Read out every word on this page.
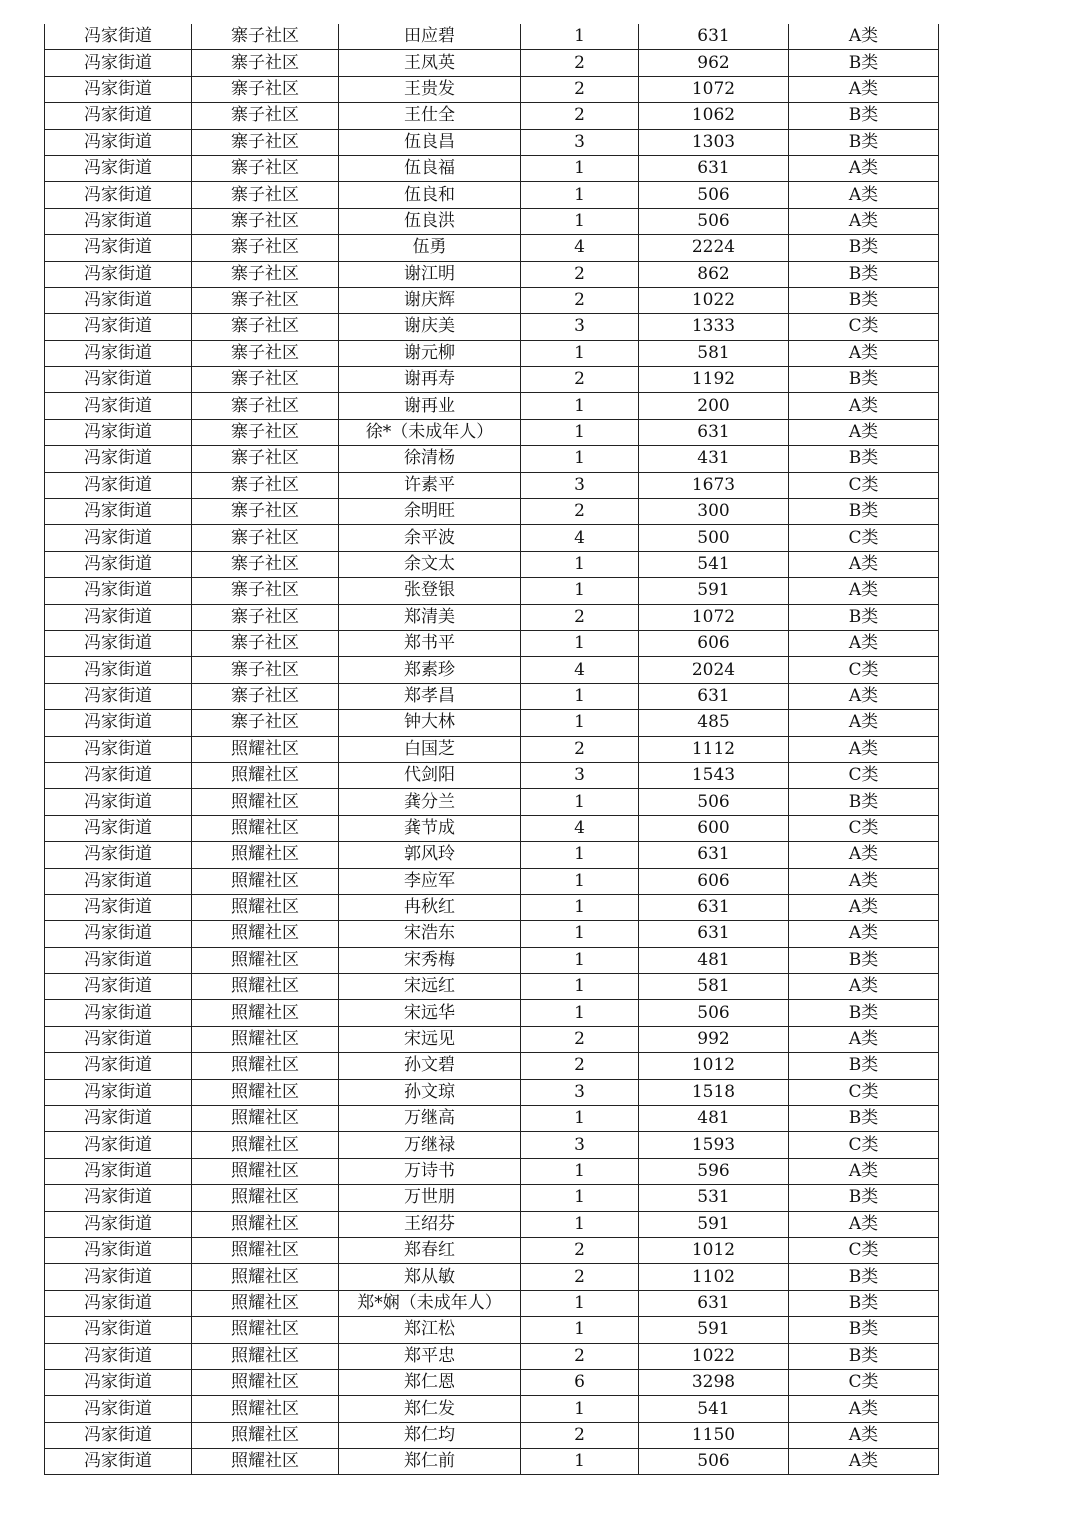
冯家街道	寨子社区	田应碧	1	631	A类
冯家街道	寨子社区	王凤英	2	962	B类
冯家街道	寨子社区	王贵发	2	1072	A类
冯家街道	寨子社区	王仕全	2	1062	B类
冯家街道	寨子社区	伍良昌	3	1303	B类
冯家街道	寨子社区	伍良福	1	631	A类
冯家街道	寨子社区	伍良和	1	506	A类
冯家街道	寨子社区	伍良洪	1	506	A类
冯家街道	寨子社区	伍勇	4	2224	B类
冯家街道	寨子社区	谢江明	2	862	B类
冯家街道	寨子社区	谢庆辉	2	1022	B类
冯家街道	寨子社区	谢庆美	3	1333	C类
冯家街道	寨子社区	谢元柳	1	581	A类
冯家街道	寨子社区	谢再寿	2	1192	B类
冯家街道	寨子社区	谢再业	1	200	A类
冯家街道	寨子社区	徐*（未成年人）	1	631	A类
冯家街道	寨子社区	徐清杨	1	431	B类
冯家街道	寨子社区	许素平	3	1673	C类
冯家街道	寨子社区	余明旺	2	300	B类
冯家街道	寨子社区	余平波	4	500	C类
冯家街道	寨子社区	余文太	1	541	A类
冯家街道	寨子社区	张登银	1	591	A类
冯家街道	寨子社区	郑清美	2	1072	B类
冯家街道	寨子社区	郑书平	1	606	A类
冯家街道	寨子社区	郑素珍	4	2024	C类
冯家街道	寨子社区	郑孝昌	1	631	A类
冯家街道	寨子社区	钟大林	1	485	A类
冯家街道	照耀社区	白国芝	2	1112	A类
冯家街道	照耀社区	代剑阳	3	1543	C类
冯家街道	照耀社区	龚分兰	1	506	B类
冯家街道	照耀社区	龚节成	4	600	C类
冯家街道	照耀社区	郭风玲	1	631	A类
冯家街道	照耀社区	李应军	1	606	A类
冯家街道	照耀社区	冉秋红	1	631	A类
冯家街道	照耀社区	宋浩东	1	631	A类
冯家街道	照耀社区	宋秀梅	1	481	B类
冯家街道	照耀社区	宋远红	1	581	A类
冯家街道	照耀社区	宋远华	1	506	B类
冯家街道	照耀社区	宋远见	2	992	A类
冯家街道	照耀社区	孙文碧	2	1012	B类
冯家街道	照耀社区	孙文琼	3	1518	C类
冯家街道	照耀社区	万继高	1	481	B类
冯家街道	照耀社区	万继禄	3	1593	C类
冯家街道	照耀社区	万诗书	1	596	A类
冯家街道	照耀社区	万世朋	1	531	B类
冯家街道	照耀社区	王绍芬	1	591	A类
冯家街道	照耀社区	郑春红	2	1012	C类
冯家街道	照耀社区	郑从敏	2	1102	B类
冯家街道	照耀社区	郑*娴（未成年人）	1	631	B类
冯家街道	照耀社区	郑江松	1	591	B类
冯家街道	照耀社区	郑平忠	2	1022	B类
冯家街道	照耀社区	郑仁恩	6	3298	C类
冯家街道	照耀社区	郑仁发	1	541	A类
冯家街道	照耀社区	郑仁均	2	1150	A类
冯家街道	照耀社区	郑仁前	1	506	A类
